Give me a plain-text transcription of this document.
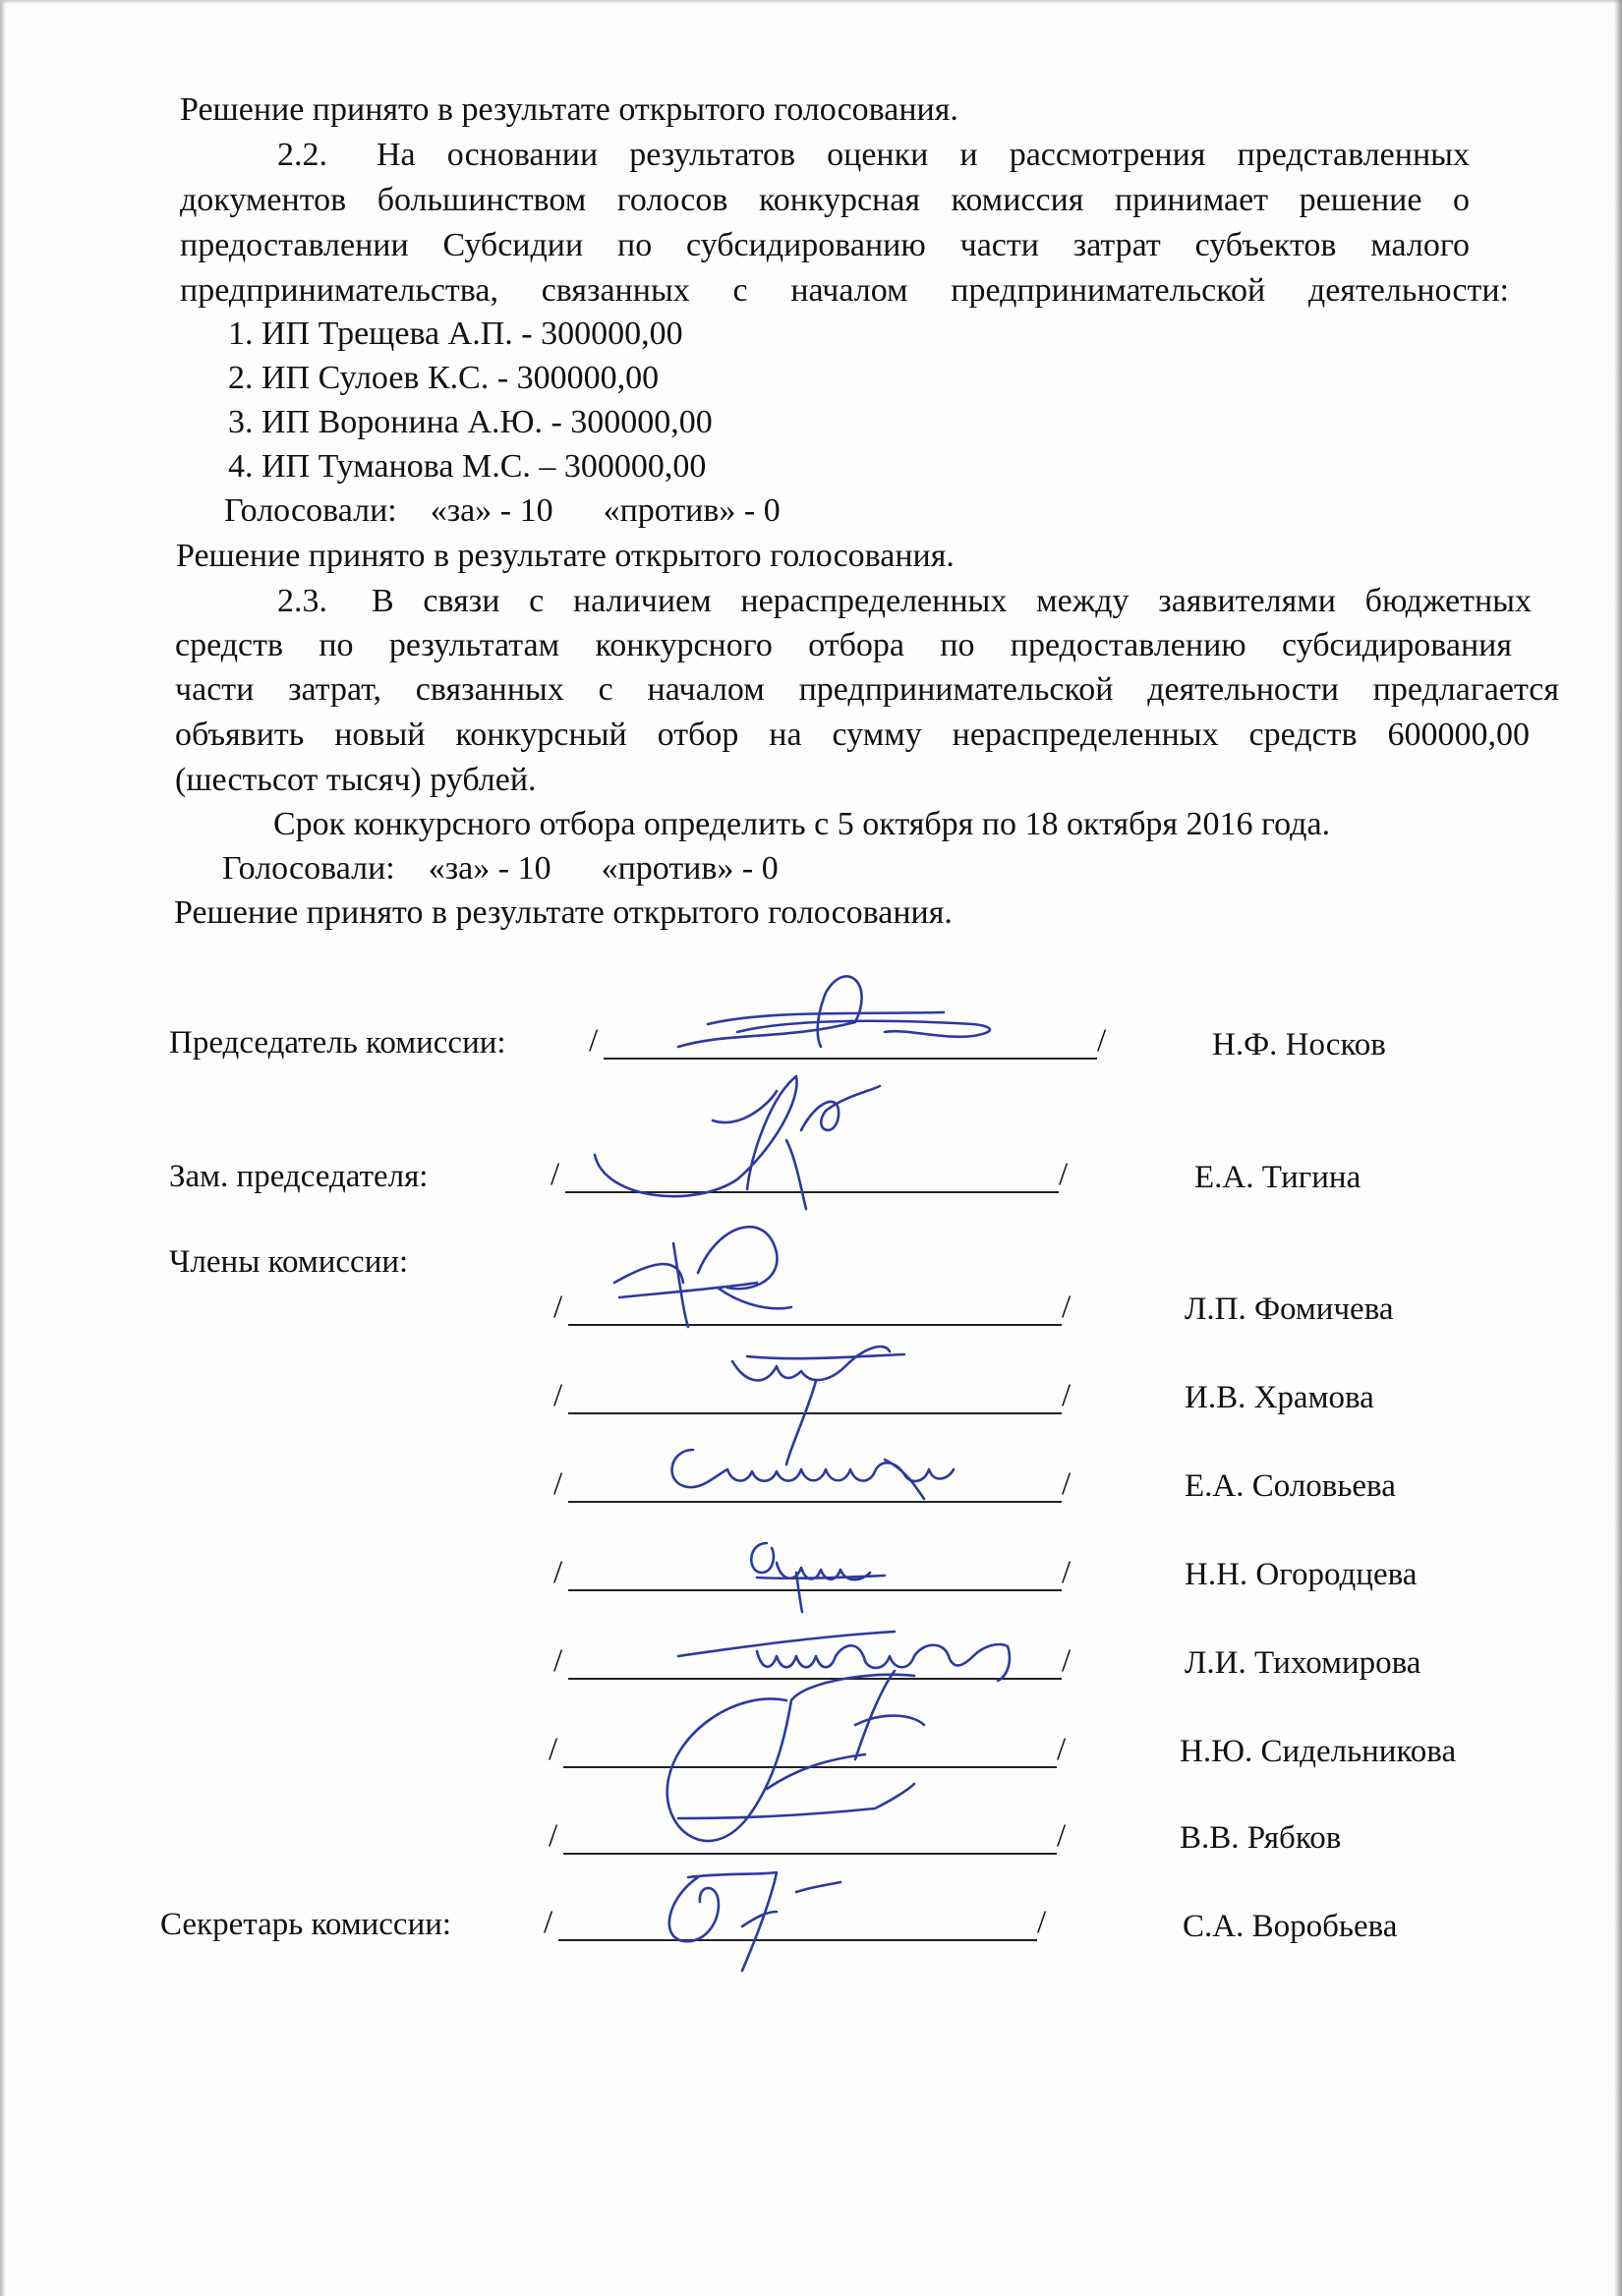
Решение принято в результате открытого голосования.
2.2. На основании результатов оценки и рассмотрения представленных
документов большинством голосов конкурсная комиссия принимает решение о
предоставлении Субсидии по субсидированию части затрат субъектов малого
предпринимательства, связанных с началом предпринимательской деятельности:
1. ИП Трещева А.П. - 300000,00
2. ИП Сулоев К.С. - 300000,00
3. ИП Воронина А.Ю. - 300000,00
4. ИП Туманова М.С. – 300000,00
Голосовали:    «за» - 10      «против» - 0
Решение принято в результате открытого голосования.
2.3. В связи с наличием нераспределенных между заявителями бюджетных
средств по результатам конкурсного отбора по предоставлению субсидирования
части затрат, связанных с началом предпринимательской деятельности предлагается
объявить новый конкурсный отбор на сумму нераспределенных средств 600000,00
(шестьсот тысяч) рублей.
Срок конкурсного отбора определить с 5 октября по 18 октября 2016 года.
Голосовали:    «за» - 10      «против» - 0
Решение принято в результате открытого голосования.
Председатель комиссии:	/	/	Н.Ф. Носков
Зам. председателя:	/	/	Е.А. Тигина
Члены комиссии:
/	/	Л.П. Фомичева
/	/	И.В. Храмова
/	/	Е.А. Соловьева
/	/	Н.Н. Огородцева
/	/	Л.И. Тихомирова
/	/	Н.Ю. Сидельникова
/	/	В.В. Рябков
Секретарь комиссии:	/	/	С.А. Воробьева
